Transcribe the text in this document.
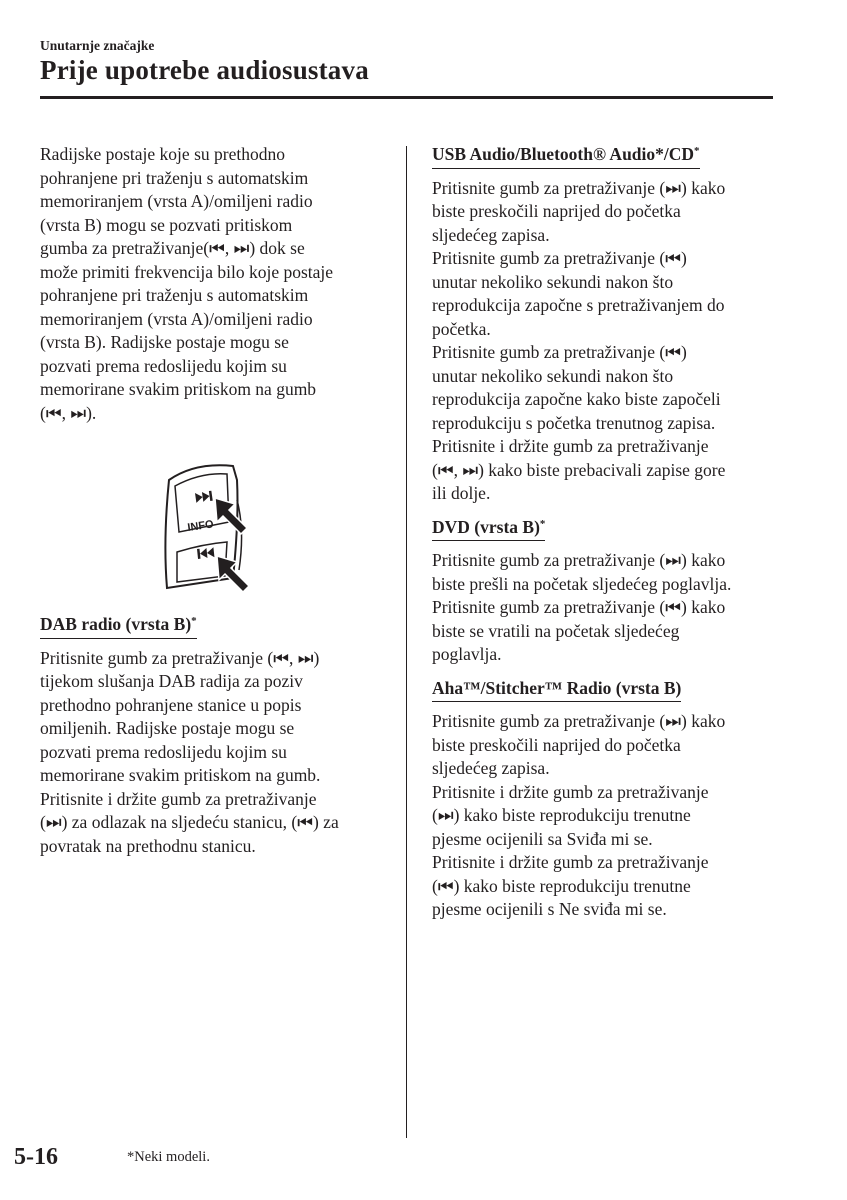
Unutarnje značajke
Prije upotrebe audiosustava

Radijske postaje koje su prethodno

pohranjene pri traženju s automatskim

memoriranjem (vrsta A)/omiljeni radio

(vrsta B) mogu se pozvati pritiskom

gumba za pretraživanje(⏮, ⏭) dok se

može primiti frekvencija bilo koje postaje

pohranjene pri traženju s automatskim

memoriranjem (vrsta A)/omiljeni radio

(vrsta B). Radijske postaje mogu se

pozvati prema redoslijedu kojim su

memorirane svakim pritiskom na gumb

(⏮, ⏭).

INFO
DAB radio (vrsta B)*

Pritisnite gumb za pretraživanje (⏮, ⏭)

tijekom slušanja DAB radija za poziv

prethodno pohranjene stanice u popis

omiljenih. Radijske postaje mogu se

pozvati prema redoslijedu kojim su

memorirane svakim pritiskom na gumb.

Pritisnite i držite gumb za pretraživanje

(⏭) za odlazak na sljedeću stanicu, (⏮) za

povratak na prethodnu stanicu.

USB Audio/Bluetooth® Audio*/CD*

Pritisnite gumb za pretraživanje (⏭) kako

biste preskočili naprijed do početka

sljedećeg zapisa.

Pritisnite gumb za pretraživanje (⏮)

unutar nekoliko sekundi nakon što

reprodukcija započne s pretraživanjem do

početka.

Pritisnite gumb za pretraživanje (⏮)

unutar nekoliko sekundi nakon što

reprodukcija započne kako biste započeli

reprodukciju s početka trenutnog zapisa.

Pritisnite i držite gumb za pretraživanje

(⏮, ⏭) kako biste prebacivali zapise gore

ili dolje.

DVD (vrsta B)*

Pritisnite gumb za pretraživanje (⏭) kako

biste prešli na početak sljedećeg poglavlja.

Pritisnite gumb za pretraživanje (⏮) kako

biste se vratili na početak sljedećeg

poglavlja.

Aha™/Stitcher™ Radio (vrsta B)

Pritisnite gumb za pretraživanje (⏭) kako

biste preskočili naprijed do početka

sljedećeg zapisa.

Pritisnite i držite gumb za pretraživanje

(⏭) kako biste reprodukciju trenutne

pjesme ocijenili sa Sviđa mi se.

Pritisnite i držite gumb za pretraživanje

(⏮) kako biste reprodukciju trenutne

pjesme ocijenili s Ne sviđa mi se.

5-16	*Neki modeli.
